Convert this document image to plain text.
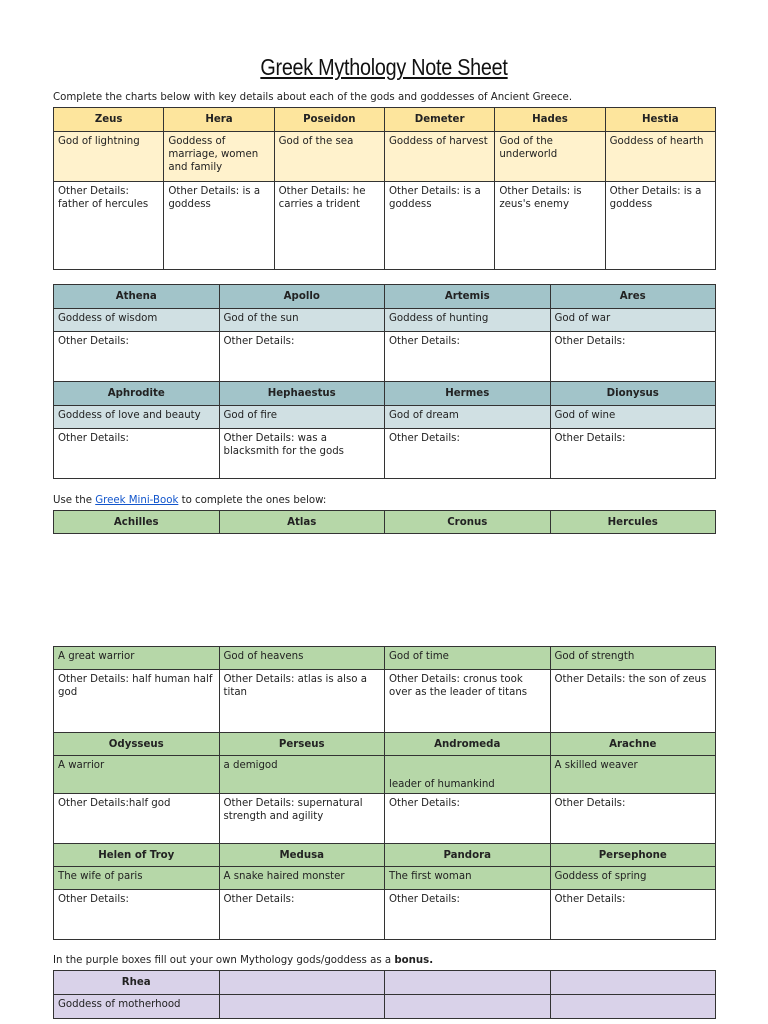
Greek Mythology Note Sheet
Complete the charts below with key details about each of the gods and goddesses of Ancient Greece.
Zeus	Hera	Poseidon	Demeter	Hades	Hestia
God of lightning	Goddess of marriage, women and family	God of the sea	Goddess of harvest	God of the underworld	Goddess of hearth
Other Details: father of hercules	Other Details: is a goddess	Other Details: he carries a trident	Other Details: is a goddess	Other Details: is zeus's enemy	Other Details: is a goddess
Athena	Apollo	Artemis	Ares
Goddess of wisdom	God of the sun	Goddess of hunting	God of war
Other Details:	Other Details:	Other Details:	Other Details:
Aphrodite	Hephaestus	Hermes	Dionysus
Goddess of love and beauty	God of fire	God of dream	God of wine
Other Details:	Other Details: was a blacksmith for the gods	Other Details:	Other Details:
Use the Greek Mini-Book to complete the ones below:
Achilles	Atlas	Cronus	Hercules
A great warrior	God of heavens	God of time	God of strength
Other Details: half human half god	Other Details: atlas is also a titan	Other Details: cronus took over as the leader of titans	Other Details: the son of zeus
Odysseus	Perseus	Andromeda	Arachne
A warrior	a demigod	leader of humankind	A skilled weaver
Other Details:half god	Other Details: supernatural strength and agility	Other Details:	Other Details:
Helen of Troy	Medusa	Pandora	Persephone
The wife of paris	A snake haired monster	The first woman	Goddess of spring
Other Details:	Other Details:	Other Details:	Other Details:
In the purple boxes fill out your own Mythology gods/goddess as a bonus.
Rhea			
Goddess of motherhood			
